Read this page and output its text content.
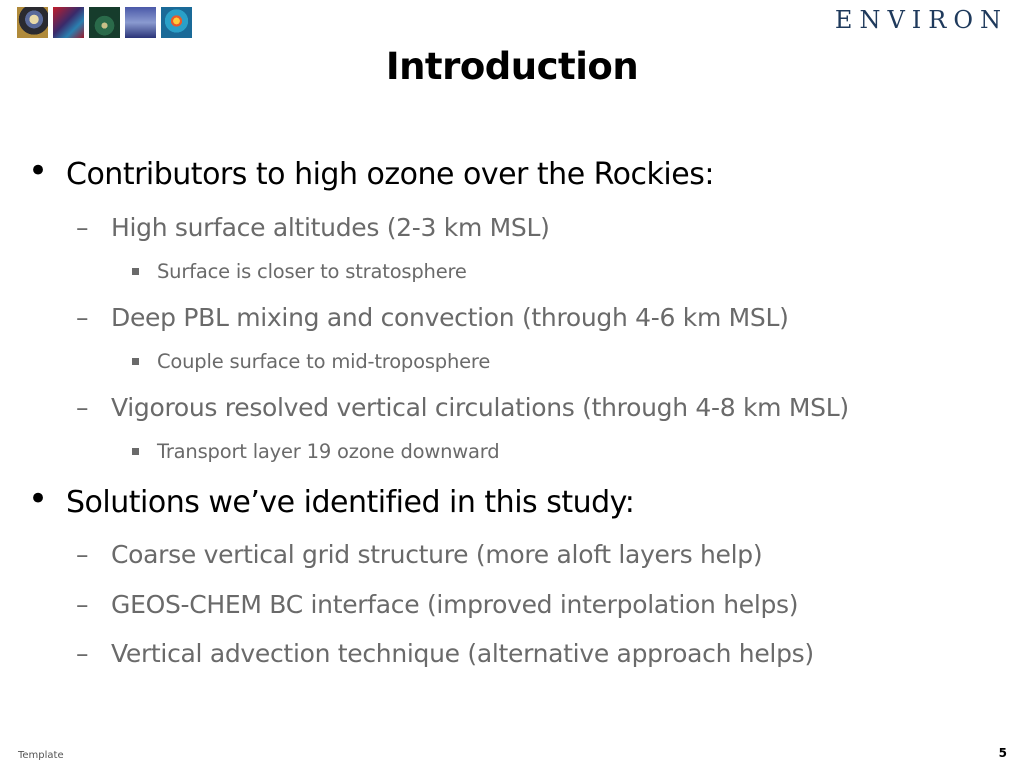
ENVIRON
Introduction
• Contributors to high ozone over the Rockies:
– High surface altitudes (2-3 km MSL)
Surface is closer to stratosphere
– Deep PBL mixing and convection (through 4-6 km MSL)
Couple surface to mid-troposphere
– Vigorous resolved vertical circulations (through 4-8 km MSL)
Transport layer 19 ozone downward
• Solutions we’ve identified in this study:
– Coarse vertical grid structure (more aloft layers help)
– GEOS-CHEM BC interface (improved interpolation helps)
– Vertical advection technique (alternative approach helps)
Template	5
